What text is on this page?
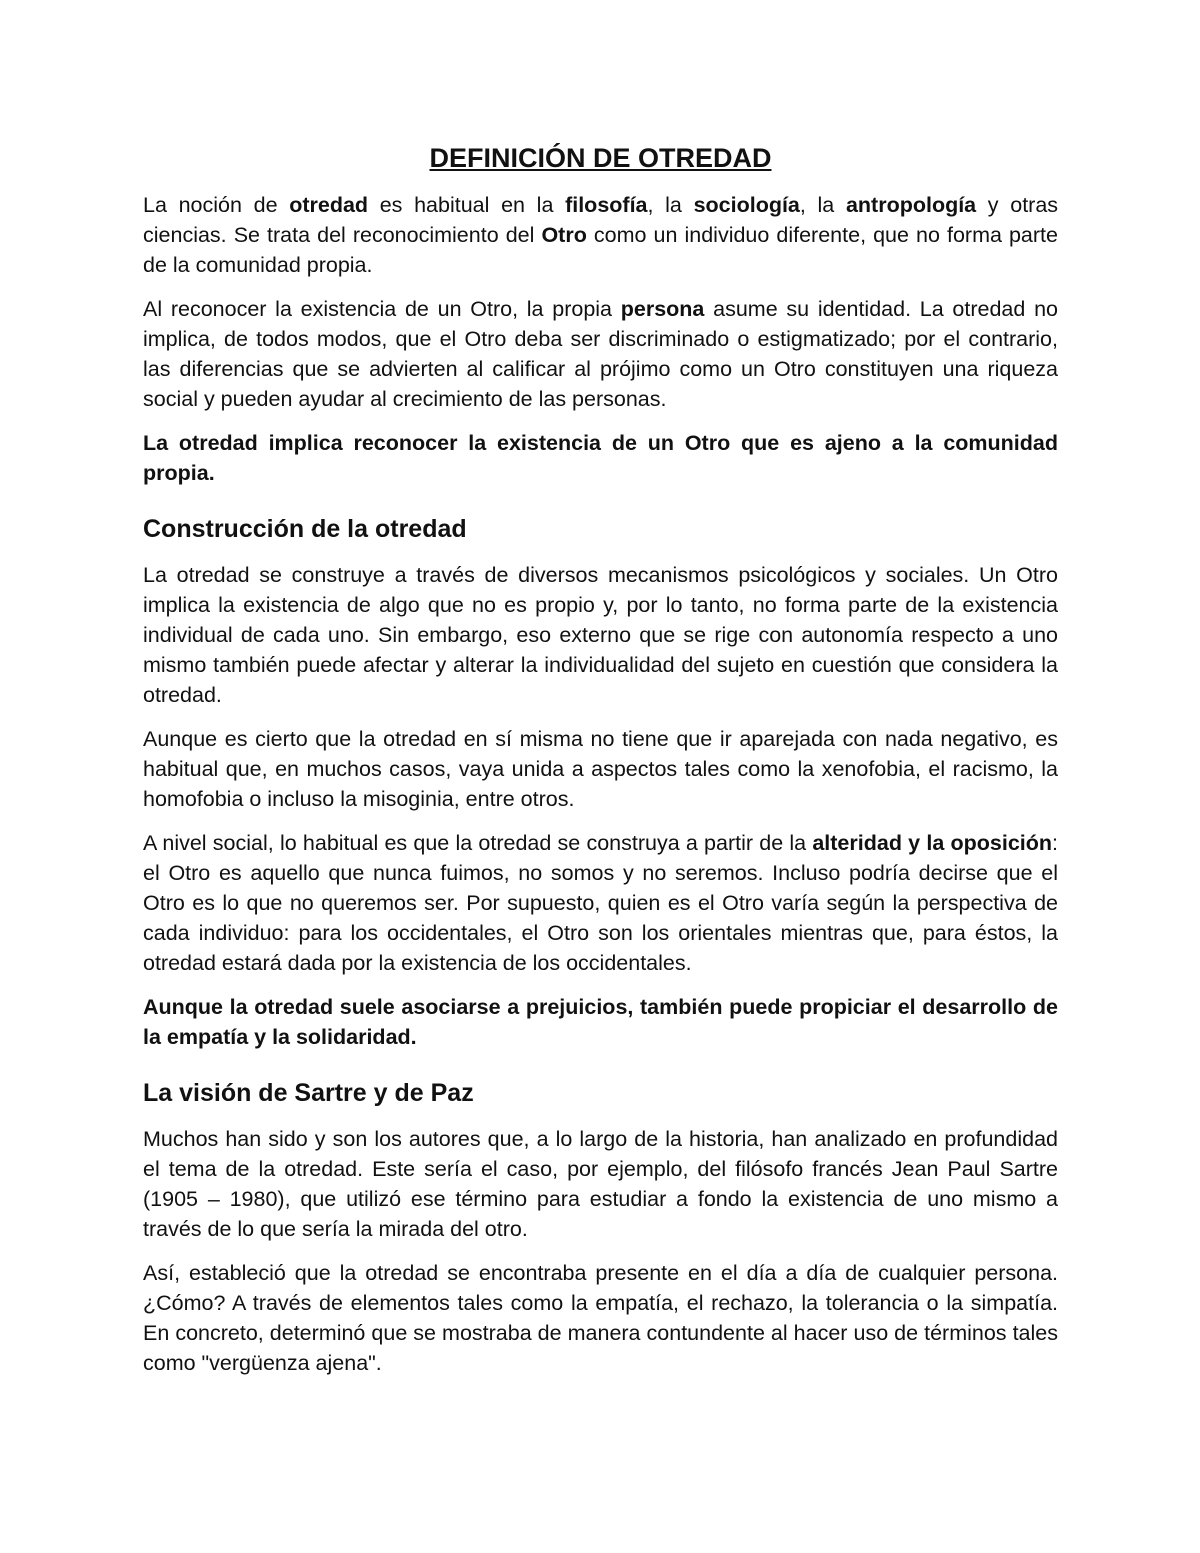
DEFINICIÓN DE OTREDAD

La noción de otredad es habitual en la filosofía, la sociología, la antropología y otras ciencias. Se trata del reconocimiento del Otro como un individuo diferente, que no forma parte de la comunidad propia.

Al reconocer la existencia de un Otro, la propia persona asume su identidad. La otredad no implica, de todos modos, que el Otro deba ser discriminado o estigmatizado; por el contrario, las diferencias que se advierten al calificar al prójimo como un Otro constituyen una riqueza social y pueden ayudar al crecimiento de las personas.

La otredad implica reconocer la existencia de un Otro que es ajeno a la comunidad propia.

Construcción de la otredad

La otredad se construye a través de diversos mecanismos psicológicos y sociales. Un Otro implica la existencia de algo que no es propio y, por lo tanto, no forma parte de la existencia individual de cada uno. Sin embargo, eso externo que se rige con autonomía respecto a uno mismo también puede afectar y alterar la individualidad del sujeto en cuestión que considera la otredad.

Aunque es cierto que la otredad en sí misma no tiene que ir aparejada con nada negativo, es habitual que, en muchos casos, vaya unida a aspectos tales como la xenofobia, el racismo, la homofobia o incluso la misoginia, entre otros.

A nivel social, lo habitual es que la otredad se construya a partir de la alteridad y la oposición: el Otro es aquello que nunca fuimos, no somos y no seremos. Incluso podría decirse que el Otro es lo que no queremos ser. Por supuesto, quien es el Otro varía según la perspectiva de cada individuo: para los occidentales, el Otro son los orientales mientras que, para éstos, la otredad estará dada por la existencia de los occidentales.

Aunque la otredad suele asociarse a prejuicios, también puede propiciar el desarrollo de la empatía y la solidaridad.

La visión de Sartre y de Paz

Muchos han sido y son los autores que, a lo largo de la historia, han analizado en profundidad el tema de la otredad. Este sería el caso, por ejemplo, del filósofo francés Jean Paul Sartre (1905 – 1980), que utilizó ese término para estudiar a fondo la existencia de uno mismo a través de lo que sería la mirada del otro.

Así, estableció que la otredad se encontraba presente en el día a día de cualquier persona. ¿Cómo? A través de elementos tales como la empatía, el rechazo, la tolerancia o la simpatía. En concreto, determinó que se mostraba de manera contundente al hacer uso de términos tales como "vergüenza ajena".
